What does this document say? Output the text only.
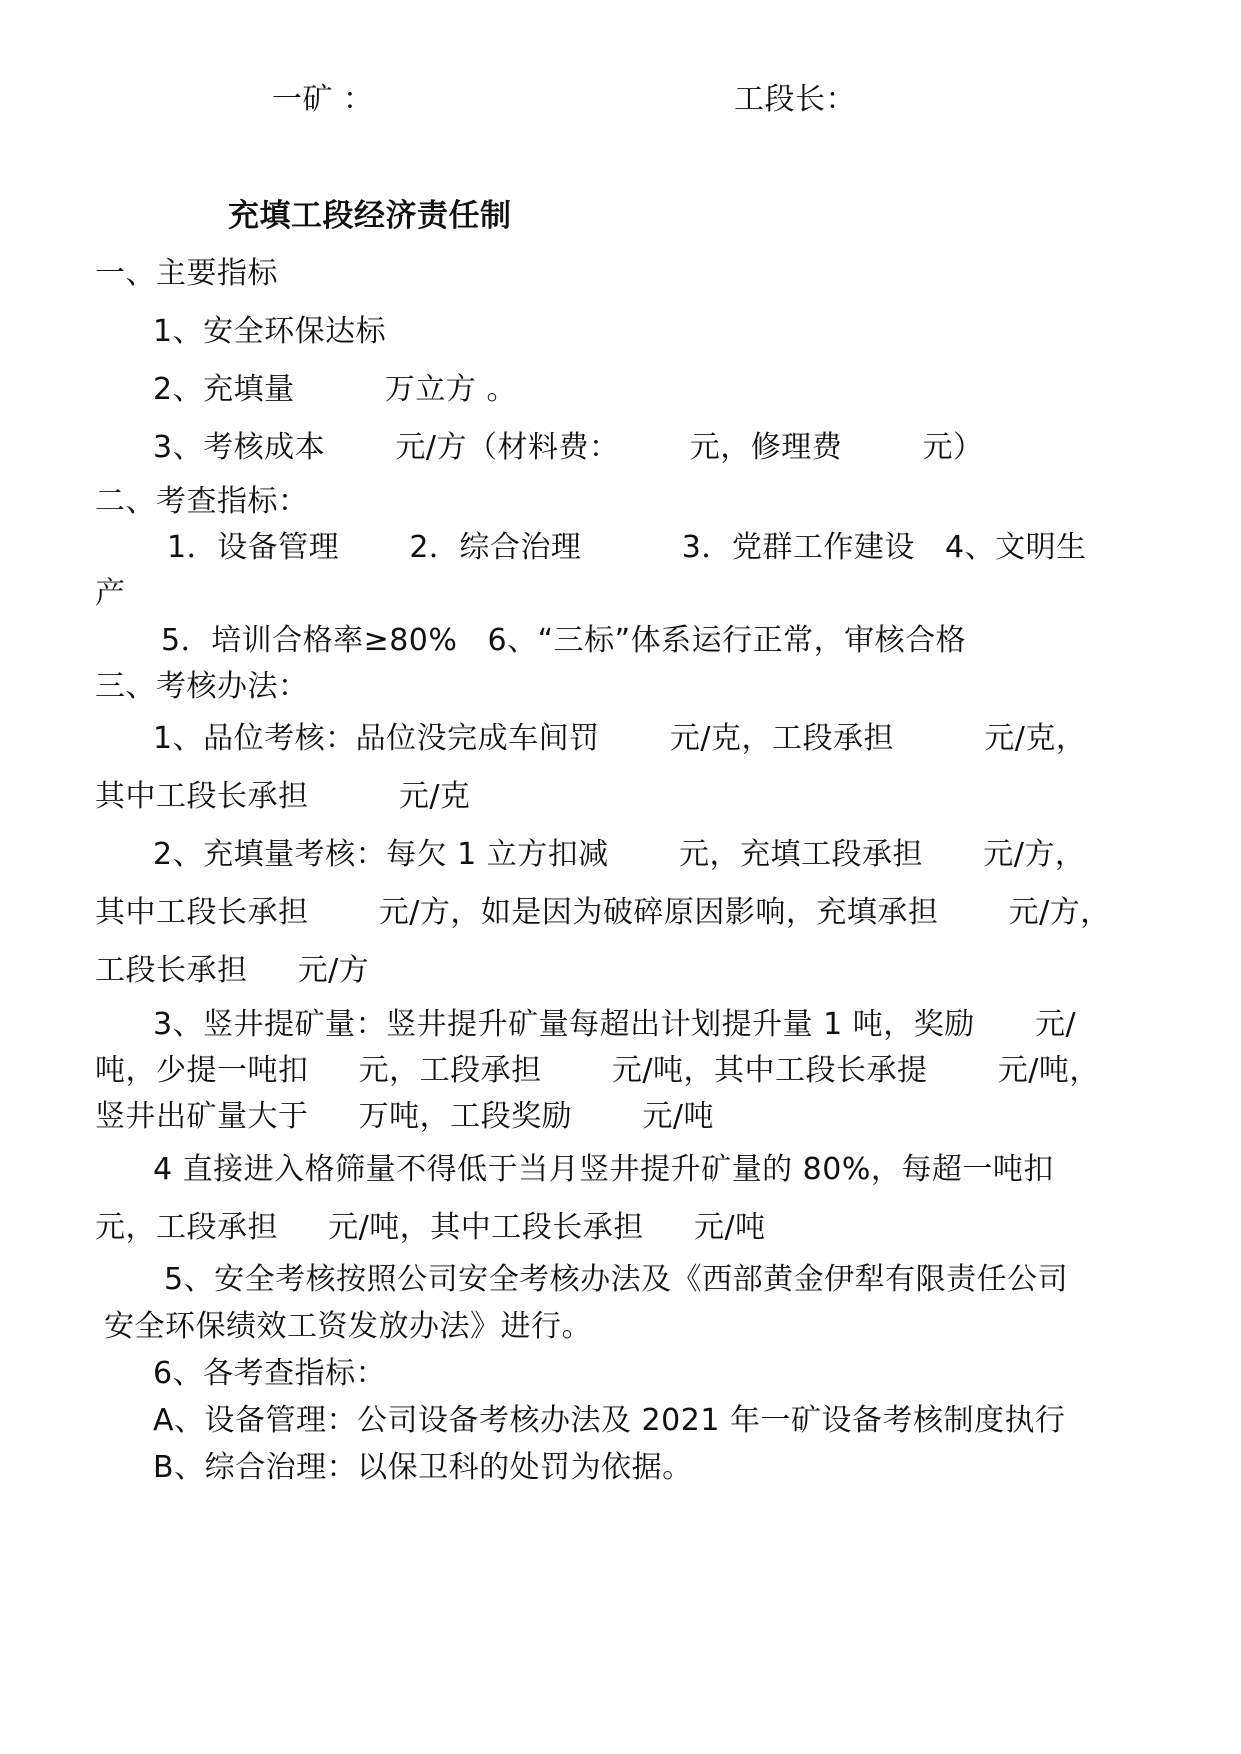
一矿 ：	工段长：
充填工段经济责任制
一、主要指标
1、安全环保达标
2、充填量         万立方 。
3、考核成本       元/方（材料费：       元，修理费        元）
二、考查指标：
1．设备管理       2．综合治理          3．党群工作建设   4、文明生
产
5．培训合格率≥80%   6、“三标”体系运行正常，审核合格
三、考核办法：
1、品位考核：品位没完成车间罚       元/克，工段承担         元/克，
其中工段长承担         元/克
2、充填量考核：每欠 1 立方扣减       元，充填工段承担      元/方，
其中工段长承担       元/方，如是因为破碎原因影响，充填承担       元/方，
工段长承担     元/方
3、竖井提矿量：竖井提升矿量每超出计划提升量 1 吨，奖励      元/
吨，少提一吨扣     元，工段承担       元/吨，其中工段长承提       元/吨，
竖井出矿量大于     万吨，工段奖励       元/吨
4 直接进入格筛量不得低于当月竖井提升矿量的 80%，每超一吨扣
元，工段承担     元/吨，其中工段长承担     元/吨
5、安全考核按照公司安全考核办法及《西部黄金伊犁有限责任公司
安全环保绩效工资发放办法》进行。
6、各考查指标：
A、设备管理：公司设备考核办法及 2021 年一矿设备考核制度执行
B、综合治理：以保卫科的处罚为依据。
